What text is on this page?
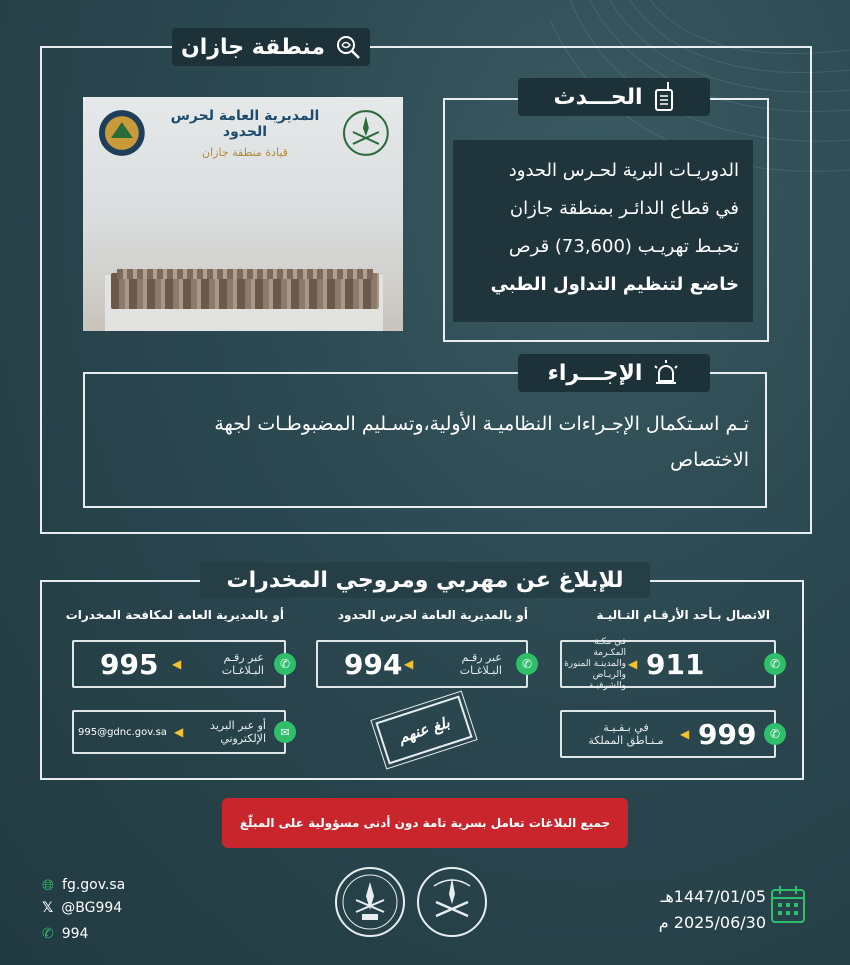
منطقة جازان
الحـــدث
الدوريـات البرية لحـرس الحدود
في قطاع الدائـر بمنطقة جازان
تحبـط تهريـب (73,600) قرص
خاضع لتنظيم التداول الطبي
المديرية العامة لحرس الحدود
قيادة منطقة جازان
الإجـــراء
تـم اسـتكمال الإجـراءات النظاميـة الأولية،وتسـليم المضبوطـات لجهة
الاختصاص
للإبلاغ عن مهربي ومروجي المخدرات
الاتصال بـأحد الأرقـام التـاليـة
أو بالمديرية العامة لحرس الحدود
أو بالمديرية العامة لمكافحة المخدرات
911
◀
في مكـة المكـرمة
والمدينـة المنورة
والريـاض والشرقيـة
✆
999
◀
في بـقـيـة
مـنـاطق المملكة	✆
994 ◀	عبر رقـم
البـلاغـات	✆
بلغ عنهم
995 ◀	عبر رقـم
البـلاغـات	✆
995@gdnc.gov.sa ◀	أو عبر البريد
الإلكتروني	✉
جميع البلاغات تعامل بسرية تامة دون أدنى مسؤولية على المبلّغ
🌐︎ fg.gov.sa
𝕏 @BG994
✆ 994
1447/01/05هـ
2025/06/30 م
